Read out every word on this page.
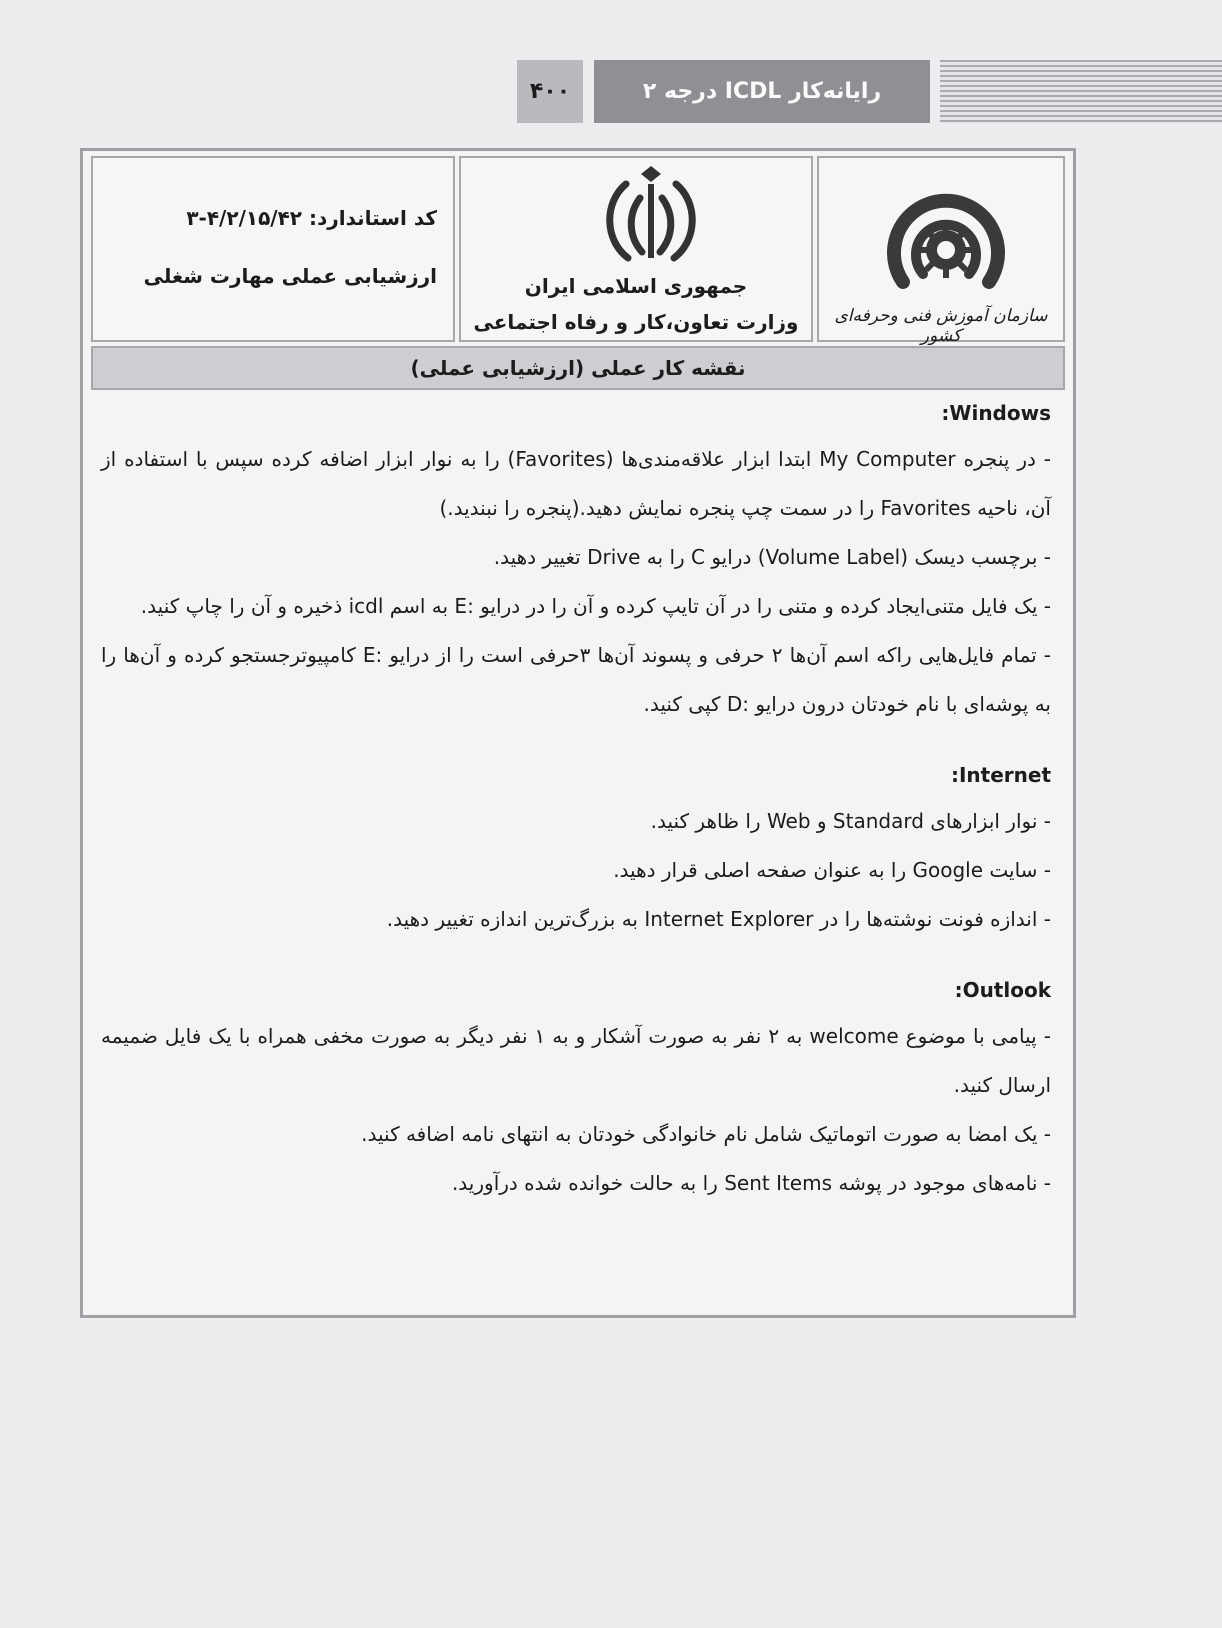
۴۰۰	رایانه‌کار ICDL درجه ۲
کد استاندارد: ۴/۲/۱۵/۴۲-۳
ارزشیابی عملی مهارت شغلی	جمهوری اسلامی ایران
وزارت تعاون،کار و رفاه اجتماعی	سازمان آموزش فنی وحرفه‌ای کشور
نقشه کار عملی (ارزشیابی عملی)
Windows:

- در پنجره My Computer ابتدا ابزار علاقه‌مندی‌ها (Favorites) را به نوار ابزار اضافه کرده سپس با استفاده از آن، ناحیه Favorites را در سمت چپ پنجره نمایش دهید.(پنجره را نبندید.)

- برچسب دیسک (Volume Label) درایو C را به Drive تغییر دهید.

- یک فایل متنی‌ایجاد کرده و متنی را در آن تایپ کرده و آن را در درایو :E به اسم icdl ذخیره و آن را چاپ کنید.

- تمام فایل‌هایی راکه اسم آن‌ها ۲ حرفی و پسوند آن‌ها ۳حرفی است را از درایو :E کامپیوترجستجو کرده و آن‌ها را به پوشه‌ای با نام خودتان درون درایو :D کپی کنید.

Internet:

- نوار ابزارهای Standard و Web را ظاهر کنید.

- سایت Google را به عنوان صفحه اصلی قرار دهید.

- اندازه فونت نوشته‌ها را در Internet Explorer به بزرگ‌ترین اندازه تغییر دهید.

Outlook:

- پیامی با موضوع welcome به ۲ نفر به صورت آشکار و به ۱ نفر دیگر به صورت مخفی همراه با یک فایل ضمیمه ارسال کنید.

- یک امضا به صورت اتوماتیک شامل نام خانوادگی خودتان به انتهای نامه اضافه کنید.

- نامه‌های موجود در پوشه Sent Items را به حالت خوانده شده درآورید.
